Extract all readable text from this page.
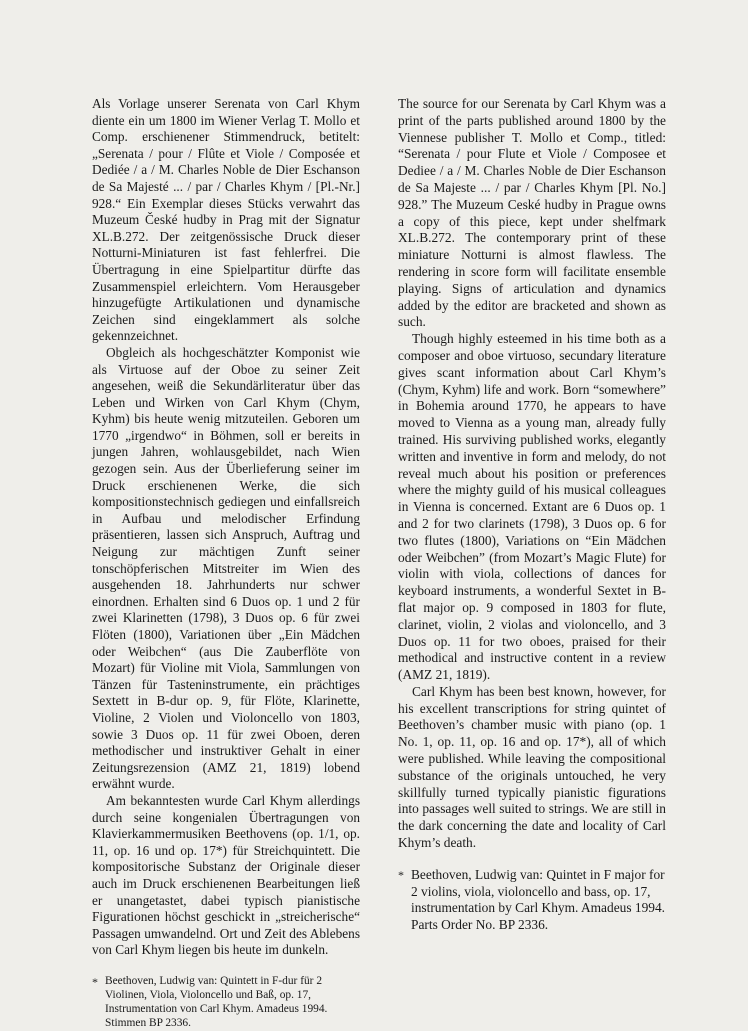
Als Vorlage unserer Serenata von Carl Khym diente ein um 1800 im Wiener Verlag T. Mollo et Comp. erschienener Stimmendruck, betitelt: „Serenata / pour / Flûte et Viole / Composée et Dediée / a / M. Charles Noble de Dier Eschanson de Sa Majesté ... / par / Charles Khym / [Pl.-Nr.] 928.“ Ein Exemplar dieses Stücks verwahrt das Muzeum České hudby in Prag mit der Signatur XL.B.272. Der zeitgenössische Druck dieser Notturni-Miniaturen ist fast fehlerfrei. Die Übertragung in eine Spielpartitur dürfte das Zusammenspiel erleichtern. Vom Herausgeber hinzugefügte Artikulationen und dynamische Zeichen sind eingeklammert als solche gekennzeichnet.

Obgleich als hochgeschätzter Komponist wie als Virtuose auf der Oboe zu seiner Zeit angesehen, weiß die Sekundärliteratur über das Leben und Wirken von Carl Khym (Chym, Kyhm) bis heute wenig mitzuteilen. Geboren um 1770 „irgendwo“ in Böhmen, soll er bereits in jungen Jahren, wohlausgebildet, nach Wien gezogen sein. Aus der Überlieferung seiner im Druck erschienenen Werke, die sich kompositionstechnisch gediegen und einfallsreich in Aufbau und melodischer Erfindung präsentieren, lassen sich Anspruch, Auftrag und Neigung zur mächtigen Zunft seiner tonschöpferischen Mitstreiter im Wien des ausgehenden 18. Jahrhunderts nur schwer einordnen. Erhalten sind 6 Duos op. 1 und 2 für zwei Klarinetten (1798), 3 Duos op. 6 für zwei Flöten (1800), Variationen über „Ein Mädchen oder Weibchen“ (aus Die Zauberflöte von Mozart) für Violine mit Viola, Sammlungen von Tänzen für Tasteninstrumente, ein prächtiges Sextett in B-dur op. 9, für Flöte, Klarinette, Violine, 2 Violen und Violoncello von 1803, sowie 3 Duos op. 11 für zwei Oboen, deren methodischer und instruktiver Gehalt in einer Zeitungsrezension (AMZ 21, 1819) lobend erwähnt wurde.

Am bekanntesten wurde Carl Khym allerdings durch seine kongenialen Übertragungen von Klavierkammermusiken Beethovens (op. 1/1, op. 11, op. 16 und op. 17*) für Streichquintett. Die kompositorische Substanz der Originale dieser auch im Druck erschienenen Bearbeitungen ließ er unangetastet, dabei typisch pianistische Figurationen höchst geschickt in „streicherische“ Passagen umwandelnd. Ort und Zeit des Ablebens von Carl Khym liegen bis heute im dunkeln.

* Beethoven, Ludwig van: Quintett in F-dur für 2 Violinen, Viola, Violoncello und Baß, op. 17, Instrumentation von Carl Khym. Amadeus 1994. Stimmen BP 2336.

The source for our Serenata by Carl Khym was a print of the parts published around 1800 by the Viennese publisher T. Mollo et Comp., titled: “Serenata / pour Flute et Viole / Composee et Dediee / a / M. Charles Noble de Dier Eschanson de Sa Majeste ... / par / Charles Khym [Pl. No.] 928.” The Muzeum Ceské hudby in Prague owns a copy of this piece, kept under shelfmark XL.B.272. The contemporary print of these miniature Notturni is almost flawless. The rendering in score form will facilitate ensemble playing. Signs of articulation and dynamics added by the editor are bracketed and shown as such.

Though highly esteemed in his time both as a composer and oboe virtuoso, secundary literature gives scant information about Carl Khym’s (Chym, Kyhm) life and work. Born “somewhere” in Bohemia around 1770, he appears to have moved to Vienna as a young man, already fully trained. His surviving published works, elegantly written and inventive in form and melody, do not reveal much about his position or preferences where the mighty guild of his musical colleagues in Vienna is concerned. Extant are 6 Duos op. 1 and 2 for two clarinets (1798), 3 Duos op. 6 for two flutes (1800), Variations on “Ein Mädchen oder Weibchen” (from Mozart’s Magic Flute) for violin with viola, collections of dances for keyboard instruments, a wonderful Sextet in B-flat major op. 9 composed in 1803 for flute, clarinet, violin, 2 violas and violoncello, and 3 Duos op. 11 for two oboes, praised for their methodical and instructive content in a review (AMZ 21, 1819).

Carl Khym has been best known, however, for his excellent transcriptions for string quintet of Beethoven’s chamber music with piano (op. 1 No. 1, op. 11, op. 16 and op. 17*), all of which were published. While leaving the compositional substance of the originals untouched, he very skillfully turned typically pianistic figurations into passages well suited to strings. We are still in the dark concerning the date and locality of Carl Khym’s death.

* Beethoven, Ludwig van: Quintet in F major for 2 violins, viola, violoncello and bass, op. 17, instrumentation by Carl Khym. Amadeus 1994. Parts Order No. BP 2336.
